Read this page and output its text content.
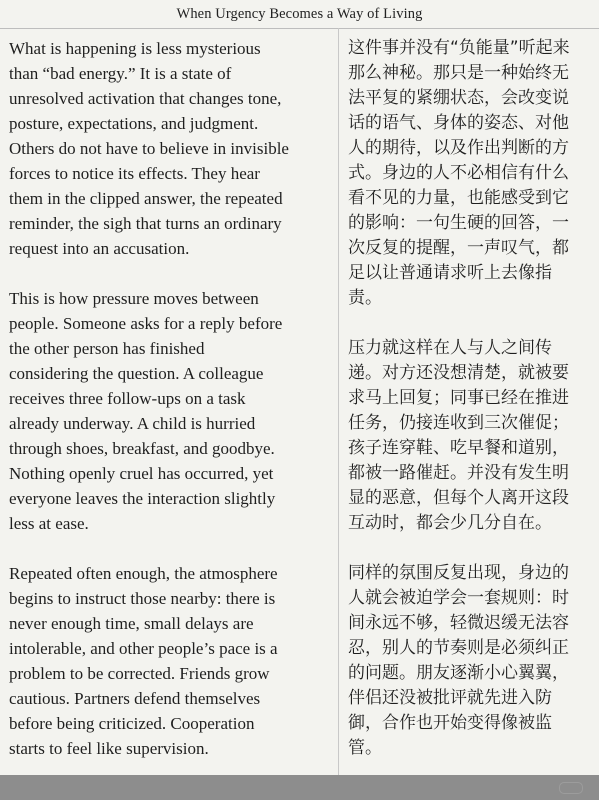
When Urgency Becomes a Way of Living

What is happening is less mysterious
than “bad energy.” It is a state of
unresolved activation that changes tone,
posture, expectations, and judgment.
Others do not have to believe in invisible
forces to notice its effects. They hear
them in the clipped answer, the repeated
reminder, the sigh that turns an ordinary
request into an accusation.

这件事并没有“负能量”听起来
那么神秘。那只是一种始终无
法平复的紧绷状态，会改变说
话的语气、身体的姿态、对他
人的期待，以及作出判断的方
式。身边的人不必相信有什么
看不见的力量，也能感受到它
的影响：一句生硬的回答，一
次反复的提醒，一声叹气，都
足以让普通请求听上去像指
责。

This is how pressure moves between
people. Someone asks for a reply before
the other person has finished
considering the question. A colleague
receives three follow-ups on a task
already underway. A child is hurried
through shoes, breakfast, and goodbye.
Nothing openly cruel has occurred, yet
everyone leaves the interaction slightly
less at ease.

压力就这样在人与人之间传
递。对方还没想清楚，就被要
求马上回复；同事已经在推进
任务，仍接连收到三次催促；
孩子连穿鞋、吃早餐和道别，
都被一路催赶。并没有发生明
显的恶意，但每个人离开这段
互动时，都会少几分自在。

Repeated often enough, the atmosphere
begins to instruct those nearby: there is
never enough time, small delays are
intolerable, and other people’s pace is a
problem to be corrected. Friends grow
cautious. Partners defend themselves
before being criticized. Cooperation
starts to feel like supervision.

同样的氛围反复出现，身边的
人就会被迫学会一套规则：时
间永远不够，轻微迟缓无法容
忍，别人的节奏则是必须纠正
的问题。朋友逐渐小心翼翼，
伴侣还没被批评就先进入防
御，合作也开始变得像被监
管。
